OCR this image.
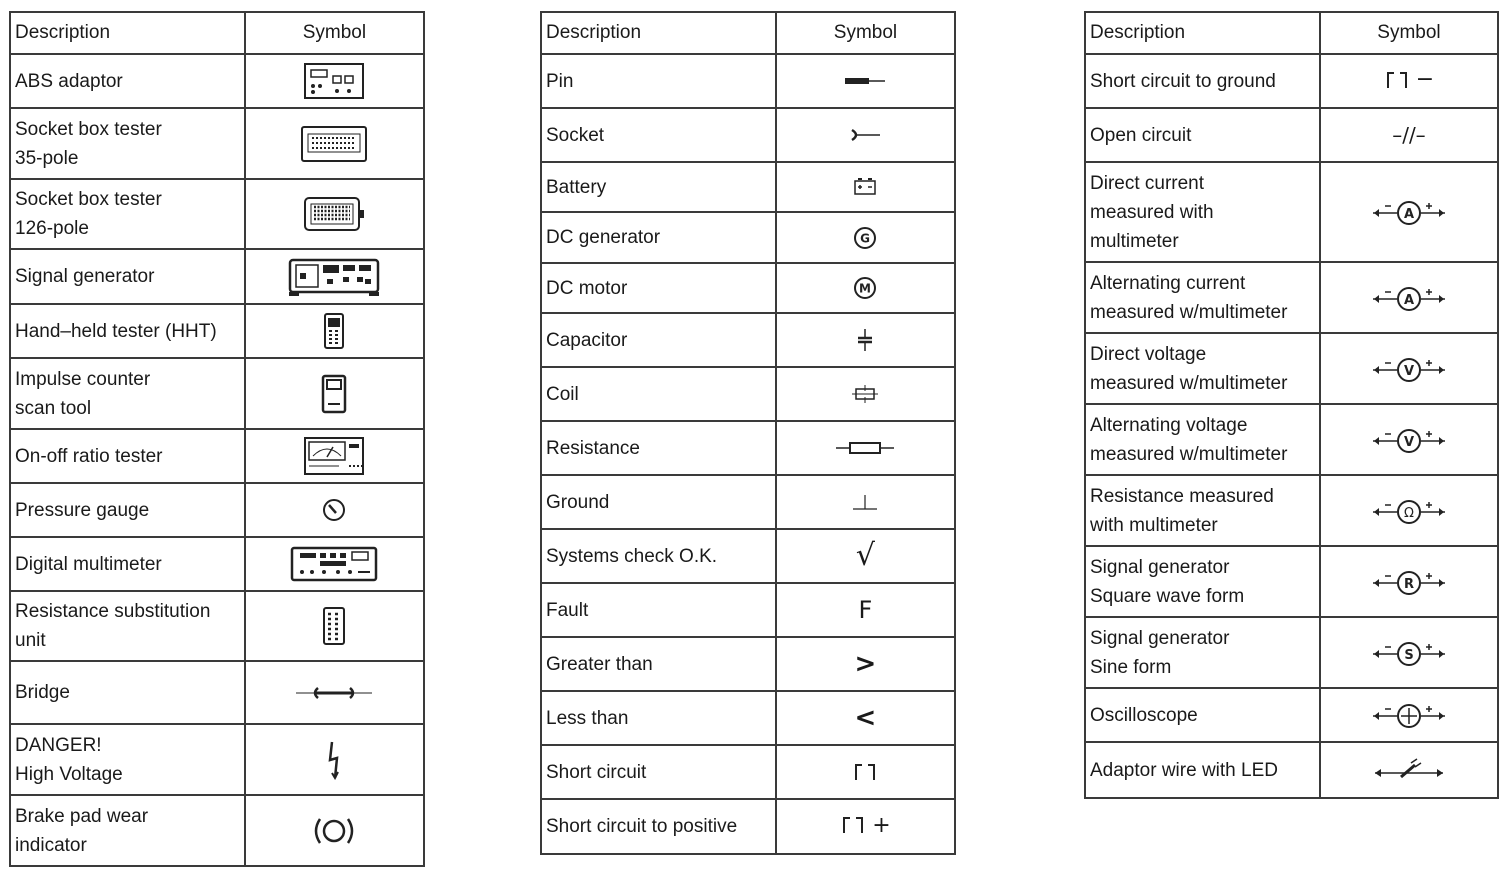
Description	Symbol
ABS adaptor	

Socket box tester
35-pole	

Socket box tester
126-pole	

Signal generator	

Hand–held tester (HHT)	

Impulse counter
scan tool	

On-off ratio tester	

Pressure gauge	

Digital multimeter	

Resistance substitution
unit	

Bridge	

DANGER!
High Voltage	

Brake pad wear
indicator	
Description	Symbol
Pin	

Socket	

Battery	

DC generator	G

DC motor	M

Capacitor	

Coil	

Resistance	

Ground	

Systems check O.K.	√
Fault	F
Greater than	>
Less than	<
Short circuit	

Short circuit to positive	+
Description	Symbol
Short circuit to ground	−

Open circuit	–//–
Direct current
measured with
multimeter	A

Alternating current
measured w/multimeter	A

Direct voltage
measured w/multimeter	V

Alternating voltage
measured w/multimeter	V

Resistance measured
with multimeter	Ω

Signal generator
Square wave form	R

Signal generator
Sine form	S

Oscilloscope	

Adaptor wire with LED	
